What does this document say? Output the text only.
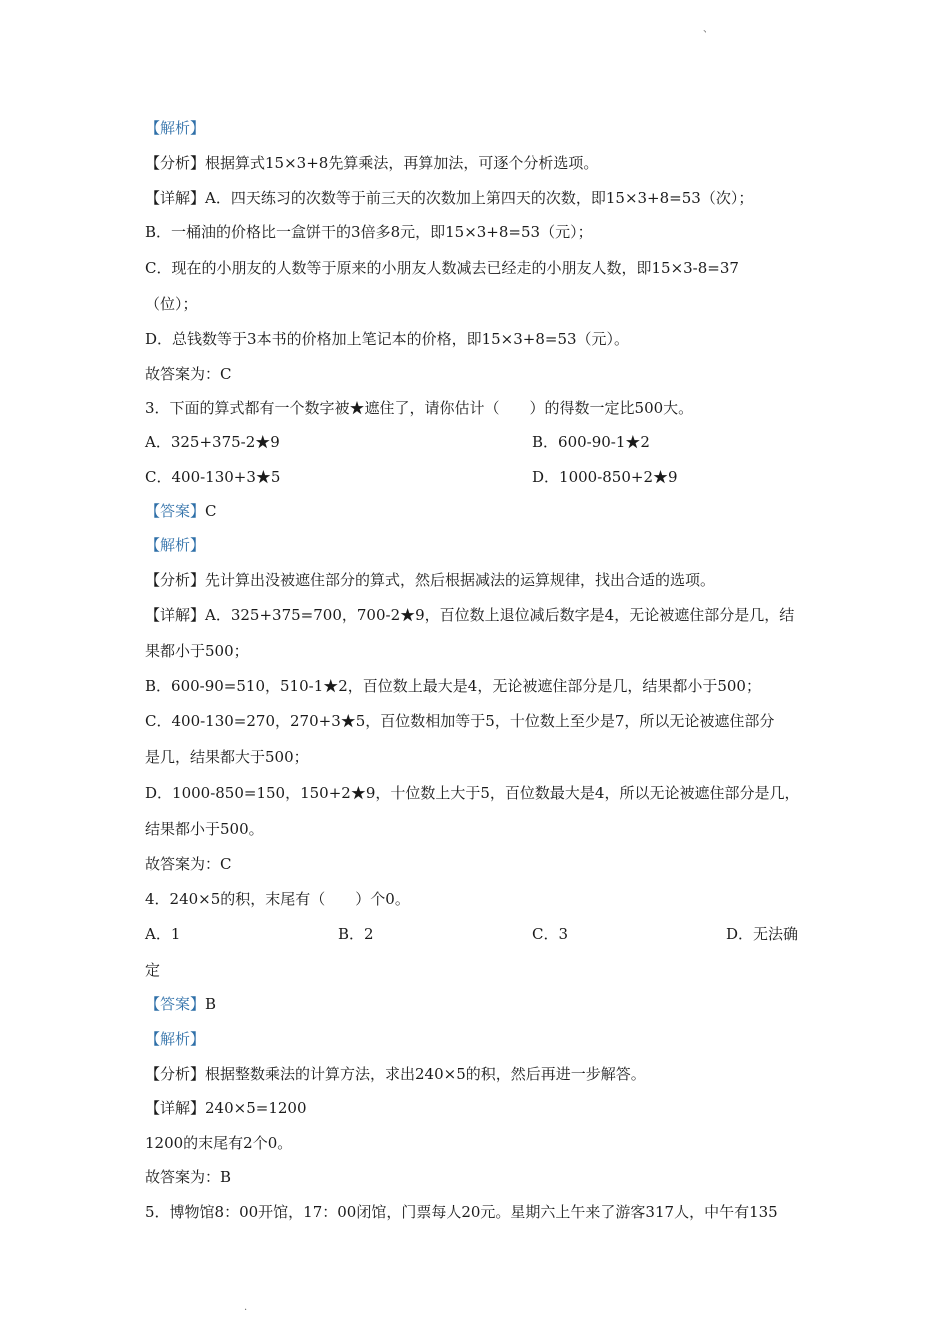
、
【解析】
【分析】根据算式15×3+8先算乘法，再算加法，可逐个分析选项。
【详解】A．四天练习的次数等于前三天的次数加上第四天的次数，即15×3+8=53（次）；
B．一桶油的价格比一盒饼干的3倍多8元，即15×3+8=53（元）；
C．现在的小朋友的人数等于原来的小朋友人数减去已经走的小朋友人数，即15×3-8=37
（位）；
D．总钱数等于3本书的价格加上笔记本的价格，即15×3+8=53（元）。
故答案为：C
3．下面的算式都有一个数字被★遮住了，请你估计（　　）的得数一定比500大。
A．325+375-2★9	B．600-90-1★2
C．400-130+3★5	D．1000-850+2★9
【答案】C
【解析】
【分析】先计算出没被遮住部分的算式，然后根据减法的运算规律，找出合适的选项。
【详解】A．325+375=700，700-2★9，百位数上退位减后数字是4，无论被遮住部分是几，结
果都小于500；
B．600-90=510，510-1★2，百位数上最大是4，无论被遮住部分是几，结果都小于500；
C．400-130=270，270+3★5，百位数相加等于5，十位数上至少是7，所以无论被遮住部分
是几，结果都大于500；
D．1000-850=150，150+2★9，十位数上大于5，百位数最大是4，所以无论被遮住部分是几，
结果都小于500。
故答案为：C
4．240×5的积，末尾有（　　）个0。
A．1	B．2	C．3	D．无法确
定
【答案】B
【解析】
【分析】根据整数乘法的计算方法，求出240×5的积，然后再进一步解答。
【详解】240×5=1200
1200的末尾有2个0。
故答案为：B
5．博物馆8：00开馆，17：00闭馆，门票每人20元。星期六上午来了游客317人，中午有135
.
